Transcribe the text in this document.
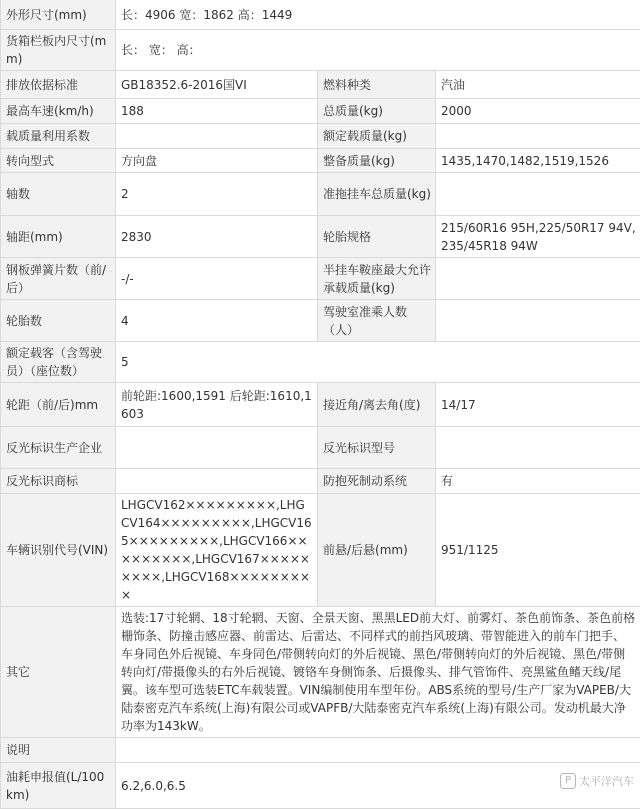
外形尺寸(mm)	长：4906 宽：1862 高：1449		
货箱栏板内尺寸(mm)	长： 宽： 高：		
排放依据标准	GB18352.6-2016国VI	燃料种类	汽油
最高车速(km/h)	188	总质量(kg)	2000
载质量利用系数		额定载质量(kg)	
转向型式	方向盘	整备质量(kg)	1435,1470,1482,1519,1526
轴数	2	准拖挂车总质量(kg)	
轴距(mm)	2830	轮胎规格	215/60R16 95H,225/50R17 94V,235/45R18 94W
钢板弹簧片数（前/后）	-/-	半挂车鞍座最大允许承载质量(kg)	
轮胎数	4	驾驶室准乘人数（人）	
额定载客（含驾驶员）（座位数）	5		
轮距（前/后)mm	前轮距:1600,1591 后轮距:1610,1603	接近角/离去角(度)	14/17
反光标识生产企业		反光标识型号	
反光标识商标		防抱死制动系统	有
车辆识别代号(VIN)	LHGCV162×××××××××,LHGCV164×××××××××,LHGCV165×××××××××,LHGCV166×××××××××,LHGCV167×××××××××,LHGCV168×××××××××	前悬/后悬(mm)	951/1125
其它	选装:17寸轮辋、18寸轮辋、天窗、全景天窗、黑黑LED前大灯、前雾灯、茶色前饰条、茶色前格栅饰条、防撞击感应器、前雷达、后雷达、不同样式的前挡风玻璃、带智能进入的前车门把手、车身同色外后视镜、车身同色/带侧转向灯的外后视镜、黑色/带侧转向灯的外后视镜、黑色/带侧转向灯/带摄像头的右外后视镜、镀铬车身侧饰条、后摄像头、排气管饰件、亮黑鲨鱼鳍天线/尾翼。该车型可选装ETC车载装置。VIN编制使用车型年份。ABS系统的型号/生产厂家为VAPEB/大陆泰密克汽车系统(上海)有限公司或VAPFB/大陆泰密克汽车系统(上海)有限公司。发动机最大净功率为143kW。		
说明			
油耗申报值(L/100km)	6.2,6.0,6.5			P 太平洋汽车
